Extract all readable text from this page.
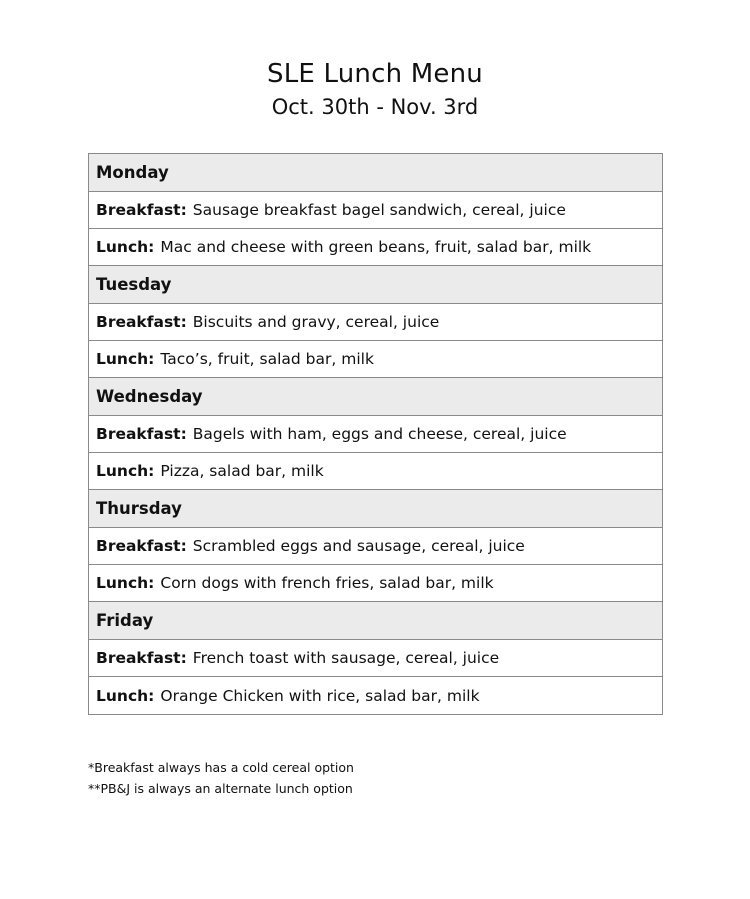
SLE Lunch Menu
Oct. 30th - Nov. 3rd
Monday
Breakfast: Sausage breakfast bagel sandwich, cereal, juice
Lunch: Mac and cheese with green beans, fruit, salad bar, milk
Tuesday
Breakfast: Biscuits and gravy, cereal, juice
Lunch: Taco’s, fruit, salad bar, milk
Wednesday
Breakfast: Bagels with ham, eggs and cheese, cereal, juice
Lunch: Pizza, salad bar, milk
Thursday
Breakfast: Scrambled eggs and sausage, cereal, juice
Lunch: Corn dogs with french fries, salad bar, milk
Friday
Breakfast: French toast with sausage, cereal, juice
Lunch: Orange Chicken with rice, salad bar, milk
*Breakfast always has a cold cereal option
**PB&J is always an alternate lunch option
